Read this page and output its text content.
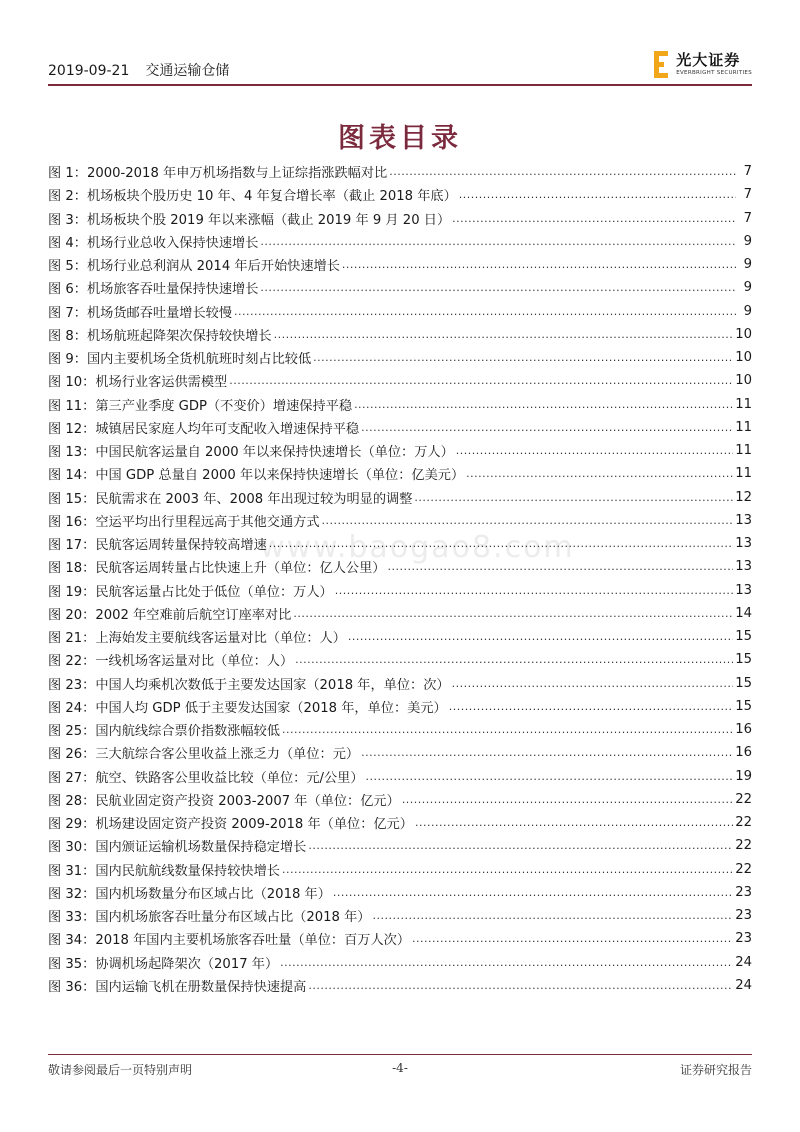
2019-09-21 交通运输仓储
光大证券
EVERBRIGHT SECURITIES
图表目录
www.baogao8.com
图 1：2000-2018 年申万机场指数与上证综指涨跌幅对比 .....	7
图 2：机场板块个股历史 10 年、4 年复合增长率（截止 2018 年底） .....	7
图 3：机场板块个股 2019 年以来涨幅（截止 2019 年 9 月 20 日） .....	7
图 4：机场行业总收入保持快速增长 .....	9
图 5：机场行业总利润从 2014 年后开始快速增长 .....	9
图 6：机场旅客吞吐量保持快速增长 .....	9
图 7：机场货邮吞吐量增长较慢 .....	9
图 8：机场航班起降架次保持较快增长 .....	10
图 9：国内主要机场全货机航班时刻占比较低 .....	10
图 10：机场行业客运供需模型 .....	10
图 11：第三产业季度 GDP（不变价）增速保持平稳 .....	11
图 12：城镇居民家庭人均年可支配收入增速保持平稳 .....	11
图 13：中国民航客运量自 2000 年以来保持快速增长（单位：万人） .....	11
图 14：中国 GDP 总量自 2000 年以来保持快速增长（单位：亿美元） .....	11
图 15：民航需求在 2003 年、2008 年出现过较为明显的调整 .....	12
图 16：空运平均出行里程远高于其他交通方式 .....	13
图 17：民航客运周转量保持较高增速 .....	13
图 18：民航客运周转量占比快速上升（单位：亿人公里） .....	13
图 19：民航客运量占比处于低位（单位：万人） .....	13
图 20：2002 年空难前后航空订座率对比 .....	14
图 21：上海始发主要航线客运量对比（单位：人） .....	15
图 22：一线机场客运量对比（单位：人） .....	15
图 23：中国人均乘机次数低于主要发达国家（2018 年，单位：次） .....	15
图 24：中国人均 GDP 低于主要发达国家（2018 年，单位：美元） .....	15
图 25：国内航线综合票价指数涨幅较低 .....	16
图 26：三大航综合客公里收益上涨乏力（单位：元） .....	16
图 27：航空、铁路客公里收益比较（单位：元/公里） .....	19
图 28：民航业固定资产投资 2003-2007 年（单位：亿元） .....	22
图 29：机场建设固定资产投资 2009-2018 年（单位：亿元） .....	22
图 30：国内颁证运输机场数量保持稳定增长 .....	22
图 31：国内民航航线数量保持较快增长 .....	22
图 32：国内机场数量分布区域占比（2018 年） .....	23
图 33：国内机场旅客吞吐量分布区域占比（2018 年） .....	23
图 34：2018 年国内主要机场旅客吞吐量（单位：百万人次） .....	23
图 35：协调机场起降架次（2017 年） .....	24
图 36：国内运输飞机在册数量保持快速提高 .....	24
敬请参阅最后一页特别声明	-4-	证券研究报告
